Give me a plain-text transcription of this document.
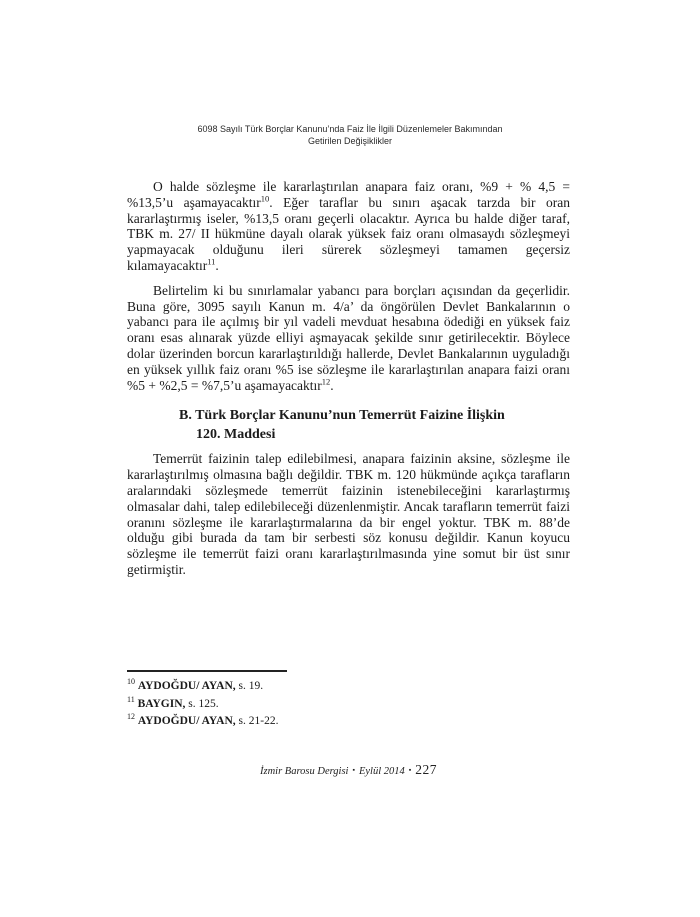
6098 Sayılı Türk Borçlar Kanunu’nda Faiz İle İlgili Düzenlemeler Bakımından
Getirilen Değişiklikler

O halde sözleşme ile kararlaştırılan anapara faiz oranı, %9 + % 4,5 = %13,5’u aşamayacaktır$^{10}$. Eğer taraflar bu sınırı aşacak tarzda bir oran kararlaştırmış iseler, %13,5 oranı geçerli olacaktır. Ayrıca bu halde diğer taraf, TBK m. 27/ II hükmüne dayalı olarak yüksek faiz oranı olmasaydı sözleşmeyi yapmayacak olduğunu ileri sürerek sözleşmeyi tamamen geçersiz kılamayacaktır$^{11}$.

Belirtelim ki bu sınırlamalar yabancı para borçları açısından da geçerlidir. Buna göre, 3095 sayılı Kanun m. 4/a’ da öngörülen Devlet Bankalarının o yabancı para ile açılmış bir yıl vadeli mevduat hesabına ödediği en yüksek faiz oranı esas alınarak yüzde elliyi aşmayacak şekilde sınır getirilecektir. Böylece dolar üzerinden borcun kararlaştırıldığı hallerde, Devlet Bankalarının uyguladığı en yüksek yıllık faiz oranı %5 ise sözleşme ile kararlaştırılan anapara faizi oranı %5 + %2,5 = %7,5’u aşamayacaktır$^{12}$.

B. Türk Borçlar Kanunu’nun Temerrüt Faizine İlişkin
120. Maddesi

Temerrüt faizinin talep edilebilmesi, anapara faizinin aksine, sözleşme ile kararlaştırılmış olmasına bağlı değildir. TBK m. 120 hükmünde açıkça tarafların aralarındaki sözleşmede temerrüt faizinin istenebileceğini kararlaştırmış olmasalar dahi, talep edilebileceği düzenlenmiştir. Ancak tarafların temerrüt faizi oranını sözleşme ile kararlaştırmalarına da bir engel yoktur. TBK m. 88’de olduğu gibi burada da tam bir serbesti söz konusu değildir. Kanun koyucu sözleşme ile temerrüt faizi oranı kararlaştırılmasında yine somut bir üst sınır getirmiştir.

$^{10}$ AYDOĞDU/ AYAN, s. 19.
$^{11}$ BAYGIN, s. 125.
$^{12}$ AYDOĞDU/ AYAN, s. 21-22.
İzmir Barosu Dergisi ▪ Eylül 2014 ▪ 227
